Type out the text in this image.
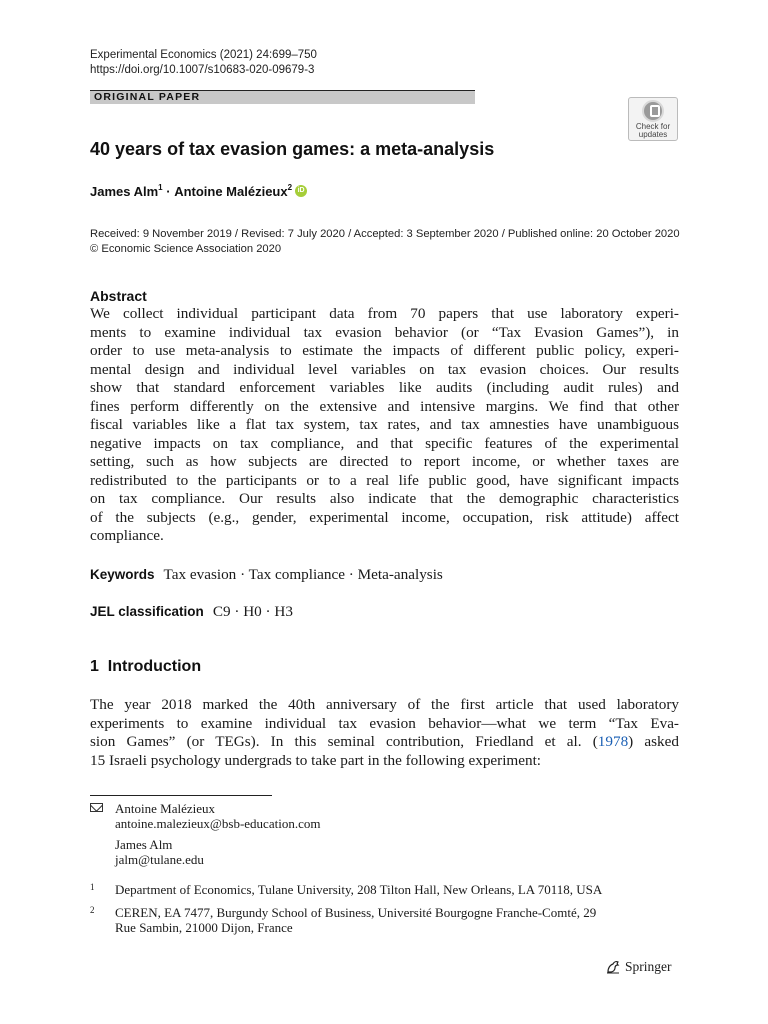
Experimental Economics (2021) 24:699–750
https://doi.org/10.1007/s10683-020-09679-3
ORIGINAL PAPER
Check for
updates
40 years of tax evasion games: a meta-analysis
James Alm$^1$ · Antoine Malézieux$^2$ iD
Received: 9 November 2019 / Revised: 7 July 2020 / Accepted: 3 September 2020 / Published online: 20 October 2020
© Economic Science Association 2020
Abstract
We collect individual participant data from 70 papers that use laboratory experi-
ments to examine individual tax evasion behavior (or “Tax Evasion Games”), in
order to use meta-analysis to estimate the impacts of different public policy, experi-
mental design and individual level variables on tax evasion choices. Our results
show that standard enforcement variables like audits (including audit rules) and
fines perform differently on the extensive and intensive margins. We find that other
fiscal variables like a flat tax system, tax rates, and tax amnesties have unambiguous
negative impacts on tax compliance, and that specific features of the experimental
setting, such as how subjects are directed to report income, or whether taxes are
redistributed to the participants or to a real life public good, have significant impacts
on tax compliance. Our results also indicate that the demographic characteristics
of the subjects (e.g., gender, experimental income, occupation, risk attitude) affect
compliance.
Keywords Tax evasion · Tax compliance · Meta-analysis
JEL classification C9 · H0 · H3
1  Introduction
The year 2018 marked the 40th anniversary of the first article that used laboratory
experiments to examine individual tax evasion behavior—what we term “Tax Eva-
sion Games” (or TEGs). In this seminal contribution, Friedland et al. (1978) asked
15 Israeli psychology undergrads to take part in the following experiment:
Antoine Malézieux
antoine.malezieux@bsb-education.com
James Alm
jalm@tulane.edu
1 Department of Economics, Tulane University, 208 Tilton Hall, New Orleans, LA 70118, USA
2 CEREN, EA 7477, Burgundy School of Business, Université Bourgogne Franche-Comté, 29
Rue Sambin, 21000 Dijon, France
Springer
